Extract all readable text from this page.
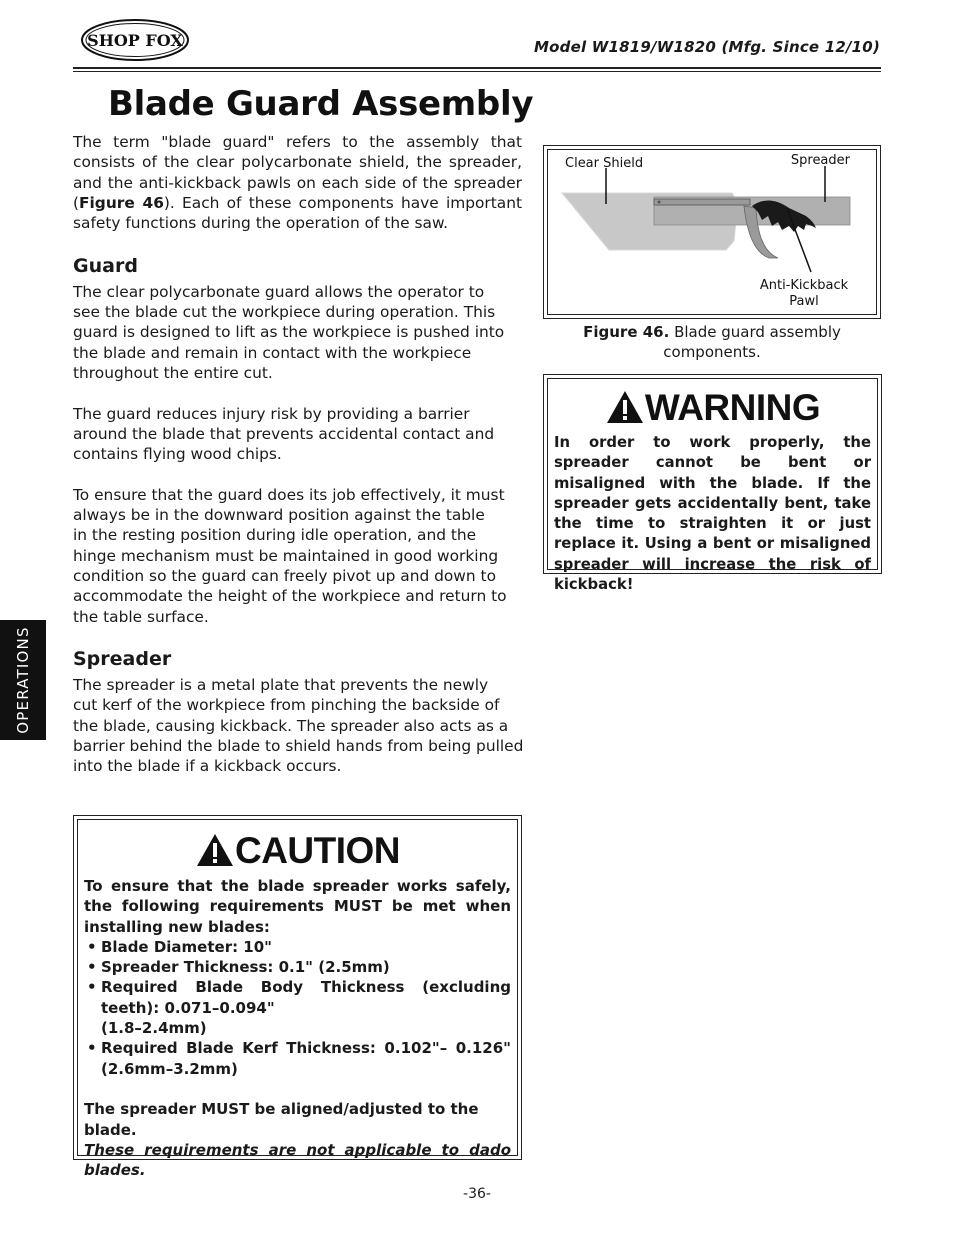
SHOP FOX	Model W1819/W1820 (Mfg. Since 12/10)
Blade Guard Assembly

The term "blade guard" refers to the assembly that consists of the clear polycarbonate shield, the spreader, and the anti-kickback pawls on each side of the spreader (Figure 46). Each of these components have important safety functions during the operation of the saw.

Guard

The clear polycarbonate guard allows the operator to
see the blade cut the workpiece during operation. This
guard is designed to lift as the workpiece is pushed into
the blade and remain in contact with the workpiece
throughout the entire cut.

The guard reduces injury risk by providing a barrier
around the blade that prevents accidental contact and
contains flying wood chips.

To ensure that the guard does its job effectively, it must
always be in the downward position against the table
in the resting position during idle operation, and the
hinge mechanism must be maintained in good working
condition so the guard can freely pivot up and down to
accommodate the height of the workpiece and return to
the table surface.

Spreader

The spreader is a metal plate that prevents the newly
cut kerf of the workpiece from pinching the backside of
the blade, causing kickback. The spreader also acts as a
barrier behind the blade to shield hands from being pulled
into the blade if a kickback occurs.

OPERATIONS
Clear Shield	Spreader
Anti-Kickback
Pawl
Figure 46. Blade guard assembly components.
WARNING
In order to work properly, the spreader cannot be bent or misaligned with the blade. If the spreader gets accidentally bent, take the time to straighten it or just replace it. Using a bent or misaligned spreader will increase the risk of kickback!
CAUTION
To ensure that the blade spreader works safely, the following requirements MUST be met when installing new blades:
• Blade Diameter: 10"
• Spreader Thickness: 0.1" (2.5mm)
• Required Blade Body Thickness (excluding teeth): 0.071–0.094"
(1.8–2.4mm)
• Required Blade Kerf Thickness: 0.102"– 0.126" (2.6mm–3.2mm)
The spreader MUST be aligned/adjusted to the blade.
These requirements are not applicable to dado blades.
-36-
